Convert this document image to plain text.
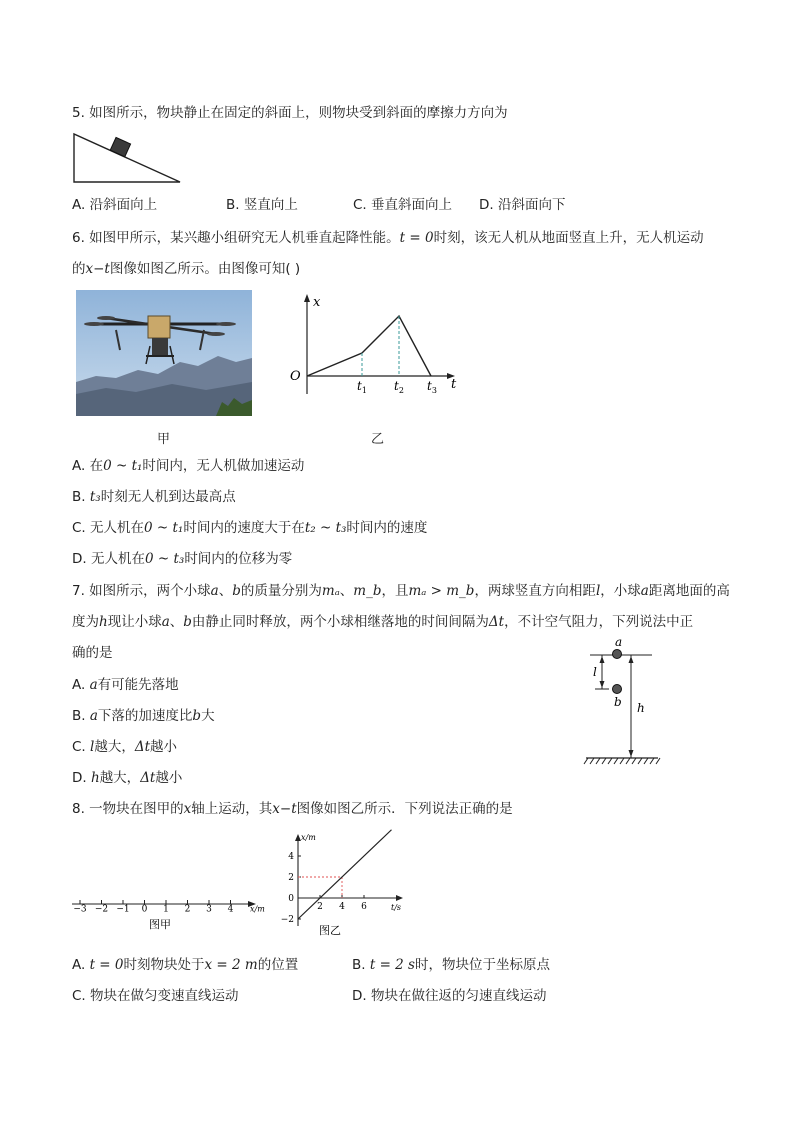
5. 如图所示，物块静止在固定的斜面上，则物块受到斜面的摩擦力方向为
A. 沿斜面向上	B. 竖直向上	C. 垂直斜面向上 D. 沿斜面向下
6. 如图甲所示，某兴趣小组研究无人机垂直起降性能。t = 0时刻，该无人机从地面竖直上升，无人机运动
的x−t图像如图乙所示。由图像可知( )
甲
x
t
O
$t_1$ $t_2$ $t_3$
乙
A. 在0 ~ t₁时间内，无人机做加速运动
B. t₃时刻无人机到达最高点
C. 无人机在0 ~ t₁时间内的速度大于在t₂ ~ t₃时间内的速度
D. 无人机在0 ~ t₃时间内的位移为零
7. 如图所示，两个小球a、b的质量分别为mₐ、m_b，且mₐ > m_b，两球竖直方向相距l，小球a距离地面的高
度为h现让小球a、b由静止同时释放，两个小球相继落地的时间间隔为Δt，不计空气阻力，下列说法中正
确的是
A. a有可能先落地
B. a下落的加速度比b大
C. l越大，Δt越小
D. h越大，Δt越小
a
b
l
h
8. 一物块在图甲的x轴上运动，其x−t图像如图乙所示．下列说法正确的是
−3 −2 −1 0 1 2 3 4 x/m
图甲
4
2
0
−2
2 4 6
x/m
t/s
图乙
A. t = 0时刻物块处于x = 2 m的位置	B. t = 2 s时，物块位于坐标原点
C. 物块在做匀变速直线运动	D. 物块在做往返的匀速直线运动
